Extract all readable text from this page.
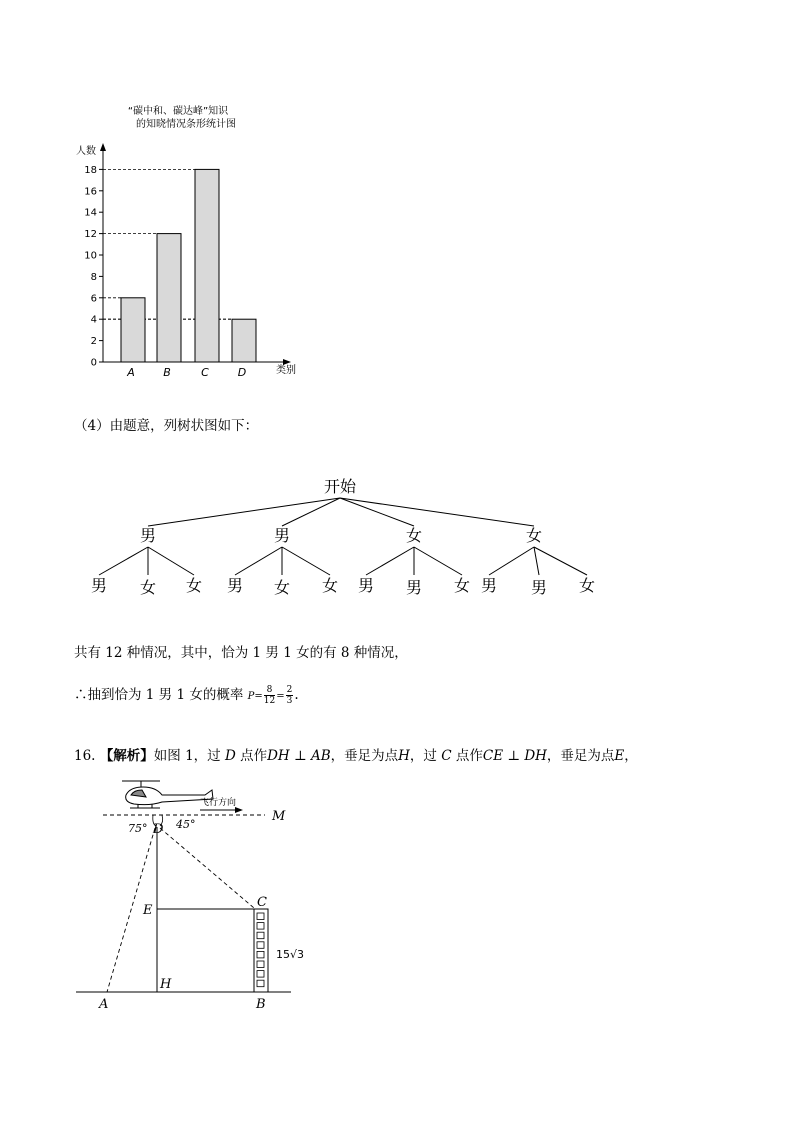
“碳中和、碳达峰”知识
的知晓情况条形统计图
人数
类别
0
2
4
6
8
10
12
14
16
18
A	B	C	D
（4）由题意，列树状图如下：
开始
男
男 女 女
男
男 女 女
女
男 男 女
女
男 男 女
共有 12 种情况，其中，恰为 1 男 1 女的有 8 种情况，
∴抽到恰为 1 男 1 女的概率 $P= \frac{8}{12} = \frac{2}{3}$ .
16. 【解析】如图 1，过 D 点作DH ⊥ AB，垂足为点H，过 C 点作CE ⊥ DH，垂足为点E，
飞行方向
M
75°	45°
D
C
E
H
A	B
15√3
